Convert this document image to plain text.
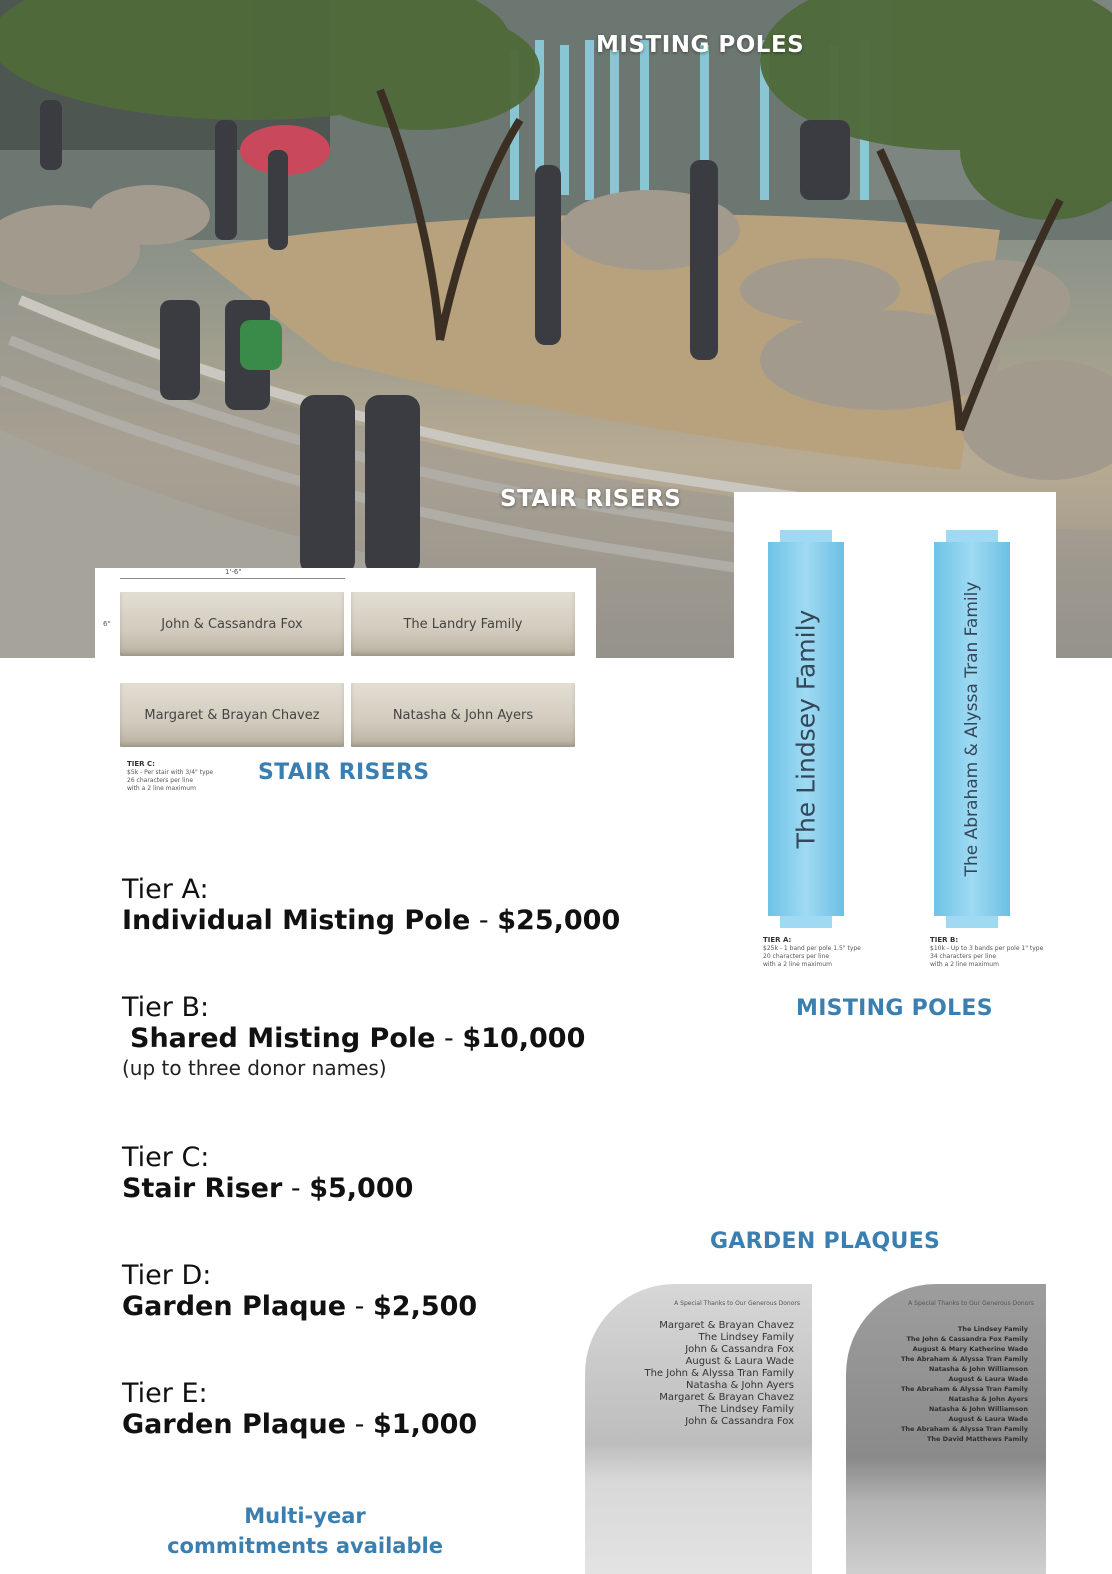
MISTING POLES
STAIR RISERS
1'-6"
6"	John & Cassandra Fox	The Landry Family
Margaret & Brayan Chavez	Natasha & John Ayers
TIER C:
$5k - Per stair with 3/4" type
26 characters per line
with a 2 line maximum
STAIR RISERS	The Lindsey Family	The Abraham & Alyssa Tran Family
TIER A:
$25k - 1 band per pole 1.5" type
20 characters per line
with a 2 line maximum
TIER B:
$10k - Up to 3 bands per pole 1" type
34 characters per line
with a 2 line maximum
MISTING POLES
Tier A:
Individual Misting Pole - $25,000
Tier B:
Shared Misting Pole - $10,000
(up to three donor names)
Tier C:
Stair Riser - $5,000
Tier D:
Garden Plaque - $2,500
Tier E:
Garden Plaque - $1,000
Multi-year
commitments available
GARDEN PLAQUES
A Special Thanks to Our Generous Donors
Margaret & Brayan Chavez
The Lindsey Family
John & Cassandra Fox
August & Laura Wade
The John & Alyssa Tran Family
Natasha & John Ayers
Margaret & Brayan Chavez
The Lindsey Family
John & Cassandra Fox
A Special Thanks to Our Generous Donors
The Lindsey Family
The John & Cassandra Fox Family
August & Mary Katherine Wade
The Abraham & Alyssa Tran Family
Natasha & John Williamson
August & Laura Wade
The Abraham & Alyssa Tran Family
Natasha & John Ayers
Natasha & John Williamson
August & Laura Wade
The Abraham & Alyssa Tran Family
The David Matthews Family
